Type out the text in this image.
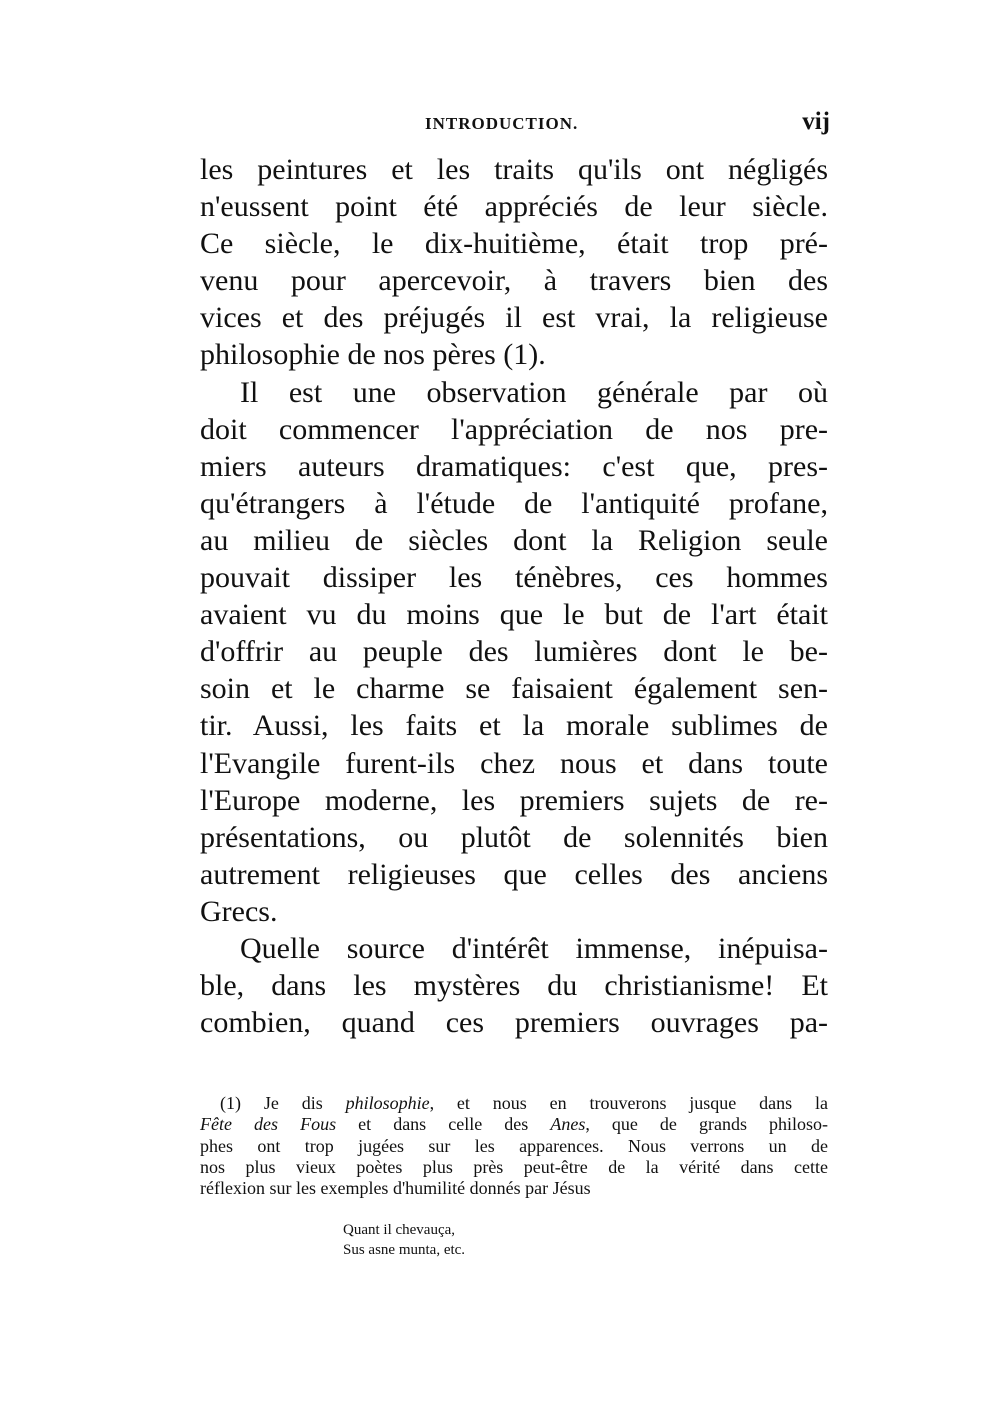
INTRODUCTION.	vij
les peintures et les traits qu'ils ont négligés
n'eussent point été appréciés de leur siècle.
Ce siècle, le dix-huitième, était trop pré-
venu pour apercevoir, à travers bien des
vices et des préjugés il est vrai, la religieuse
philosophie de nos pères (1).
Il est une observation générale par où
doit commencer l'appréciation de nos pre-
miers auteurs dramatiques: c'est que, pres-
qu'étrangers à l'étude de l'antiquité profane,
au milieu de siècles dont la Religion seule
pouvait dissiper les ténèbres, ces hommes
avaient vu du moins que le but de l'art était
d'offrir au peuple des lumières dont le be-
soin et le charme se faisaient également sen-
tir. Aussi, les faits et la morale sublimes de
l'Evangile furent-ils chez nous et dans toute
l'Europe moderne, les premiers sujets de re-
présentations, ou plutôt de solennités bien
autrement religieuses que celles des anciens
Grecs.
Quelle source d'intérêt immense, inépuisa-
ble, dans les mystères du christianisme! Et
combien, quand ces premiers ouvrages pa-
(1) Je dis philosophie, et nous en trouverons jusque dans la
Fête des Fous et dans celle des Anes, que de grands philoso-
phes ont trop jugées sur les apparences. Nous verrons un de
nos plus vieux poètes plus près peut-être de la vérité dans cette
réflexion sur les exemples d'humilité donnés par Jésus
Quant il chevauça,
Sus asne munta, etc.
